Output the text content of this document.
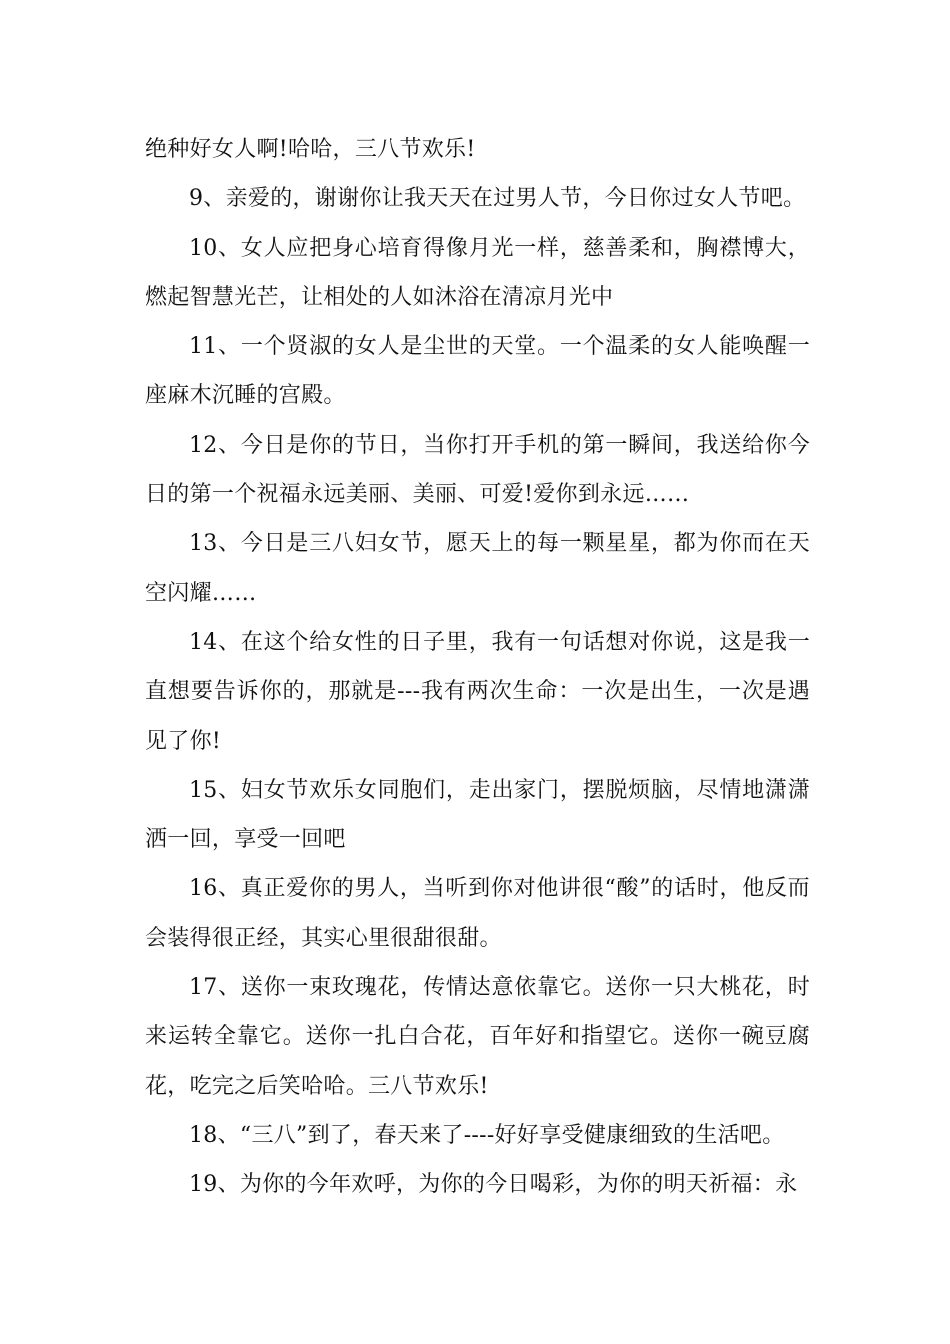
绝种好女人啊!哈哈，三八节欢乐!

9、亲爱的，谢谢你让我天天在过男人节，今日你过女人节吧。

10、女人应把身心培育得像月光一样，慈善柔和，胸襟博大，燃起智慧光芒，让相处的人如沐浴在清凉月光中

11、一个贤淑的女人是尘世的天堂。一个温柔的女人能唤醒一座麻木沉睡的宫殿。

12、今日是你的节日，当你打开手机的第一瞬间，我送给你今日的第一个祝福永远美丽、美丽、可爱!爱你到永远……

13、今日是三八妇女节，愿天上的每一颗星星，都为你而在天空闪耀……

14、在这个给女性的日子里，我有一句话想对你说，这是我一直想要告诉你的，那就是---我有两次生命：一次是出生，一次是遇见了你!

15、妇女节欢乐女同胞们，走出家门，摆脱烦脑，尽情地潇潇洒一回，享受一回吧

16、真正爱你的男人，当听到你对他讲很“酸”的话时，他反而会装得很正经，其实心里很甜很甜。

17、送你一束玫瑰花，传情达意依靠它。送你一只大桃花，时来运转全靠它。送你一扎白合花，百年好和指望它。送你一碗豆腐花，吃完之后笑哈哈。三八节欢乐!

18、“三八”到了，春天来了----好好享受健康细致的生活吧。

19、为你的今年欢呼，为你的今日喝彩，为你的明天祈福：永
